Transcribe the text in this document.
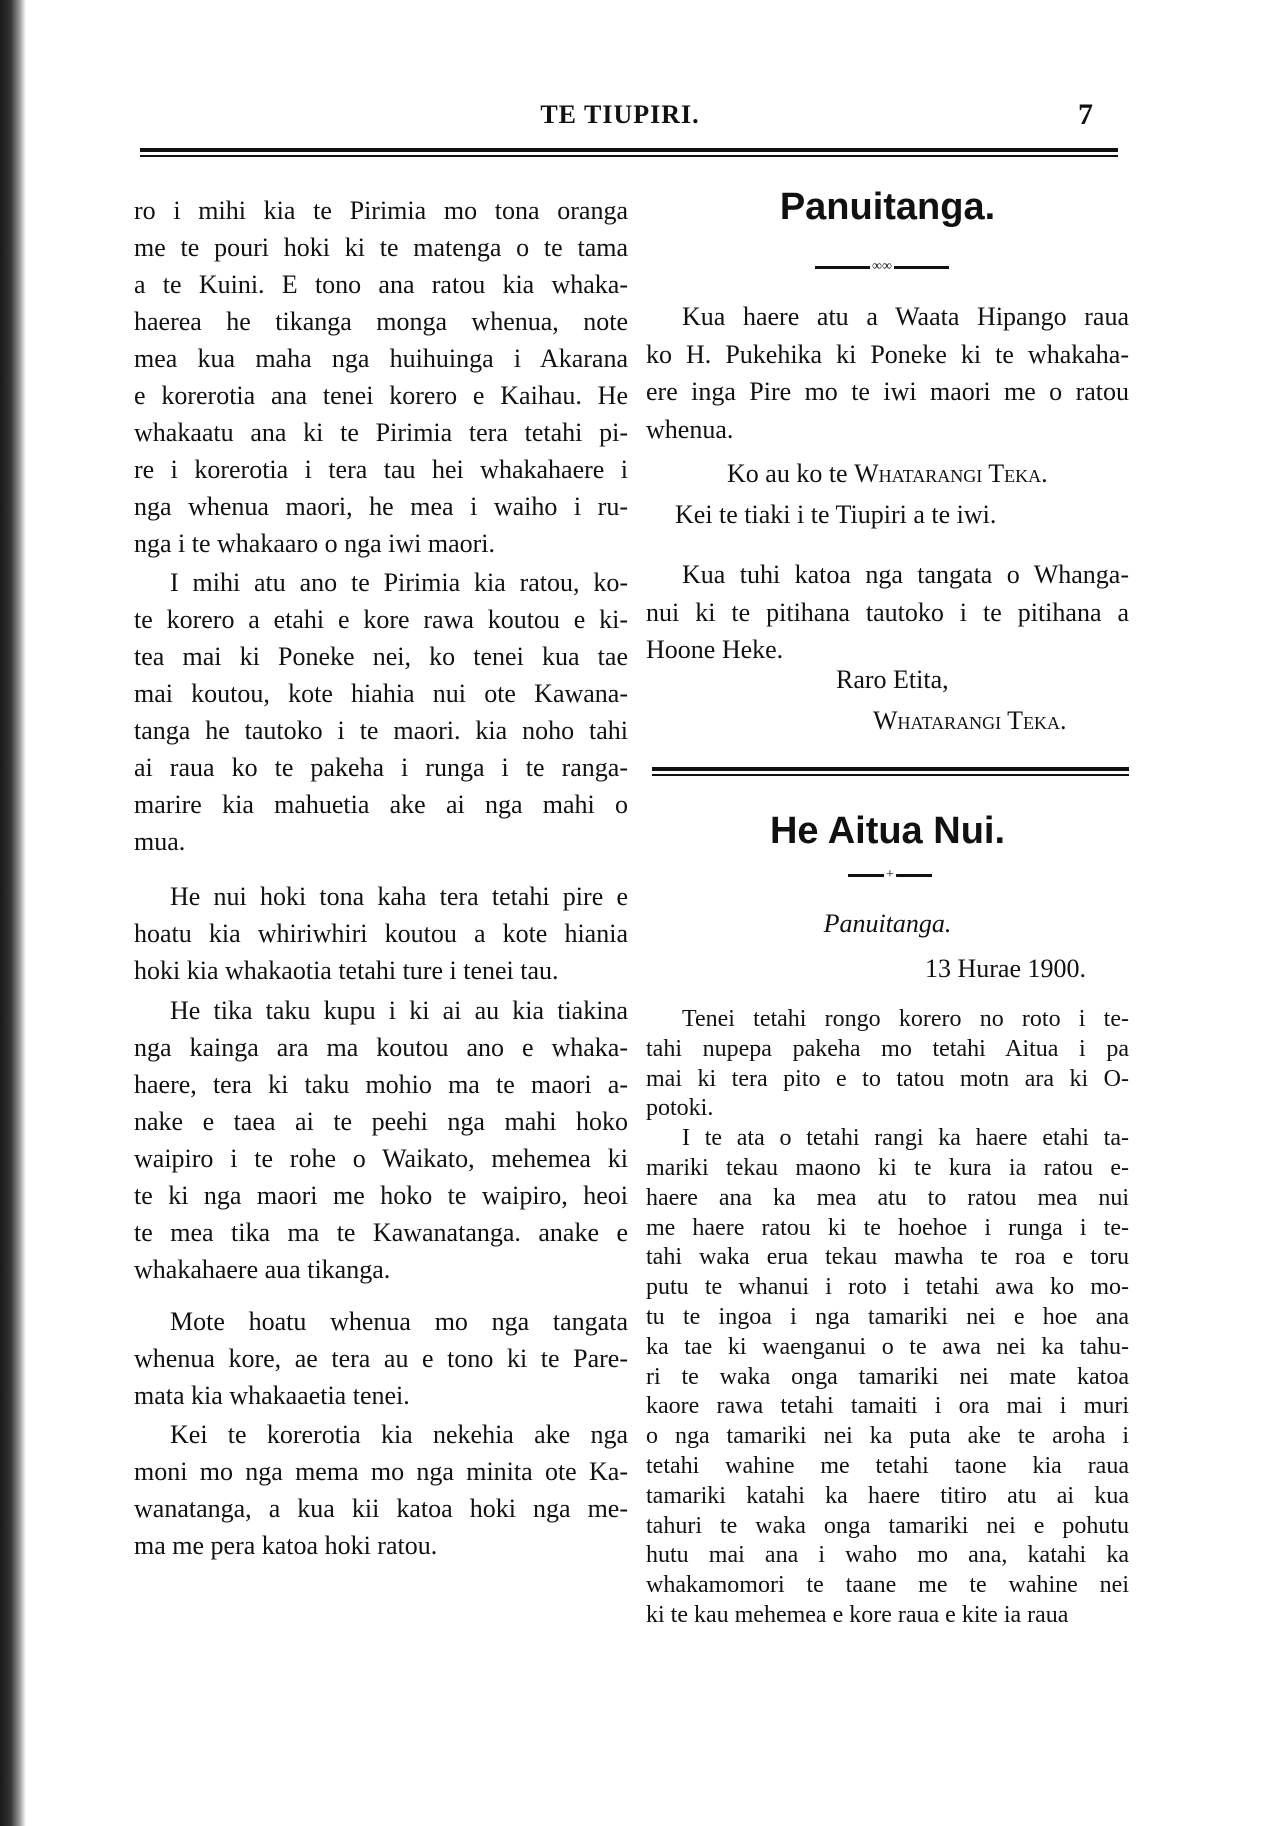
TE TIUPIRI.	7
ro i mihi kia te Pirimia mo tona oranga
me te pouri hoki ki te matenga o te tama
a te Kuini. E tono ana ratou kia whaka-
haerea he tikanga monga whenua, note
mea kua maha nga huihuinga i Akarana
e korerotia ana tenei korero e Kaihau. He
whakaatu ana ki te Pirimia tera tetahi pi-
re i korerotia i tera tau hei whakahaere i
nga whenua maori, he mea i waiho i ru-
nga i te whakaaro o nga iwi maori.
I mihi atu ano te Pirimia kia ratou, ko-
te korero a etahi e kore rawa koutou e ki-
tea mai ki Poneke nei, ko tenei kua tae
mai koutou, kote hiahia nui ote Kawana-
tanga he tautoko i te maori. kia noho tahi
ai raua ko te pakeha i runga i te ranga-
marire kia mahuetia ake ai nga mahi o
mua.
He nui hoki tona kaha tera tetahi pire e
hoatu kia whiriwhiri koutou a kote hiania
hoki kia whakaotia tetahi ture i tenei tau.
He tika taku kupu i ki ai au kia tiakina
nga kainga ara ma koutou ano e whaka-
haere, tera ki taku mohio ma te maori a-
nake e taea ai te peehi nga mahi hoko
waipiro i te rohe o Waikato, mehemea ki
te ki nga maori me hoko te waipiro, heoi
te mea tika ma te Kawanatanga. anake e
whakahaere aua tikanga.
Mote hoatu whenua mo nga tangata
whenua kore, ae tera au e tono ki te Pare-
mata kia whakaaetia tenei.
Kei te korerotia kia nekehia ake nga
moni mo nga mema mo nga minita ote Ka-
wanatanga, a kua kii katoa hoki nga me-
ma me pera katoa hoki ratou.
Panuitanga.
∞∞
Kua haere atu a Waata Hipango raua
ko H. Pukehika ki Poneke ki te whakaha-
ere inga Pire mo te iwi maori me o ratou
whenua.
Ko au ko te Whatarangi Teka.
Kei te tiaki i te Tiupiri a te iwi.
Kua tuhi katoa nga tangata o Whanga-
nui ki te pitihana tautoko i te pitihana a
Hoone Heke.
Raro Etita,
Whatarangi Teka.
He Aitua Nui.
+
Panuitanga.
13 Hurae 1900.
Tenei tetahi rongo korero no roto i te-
tahi nupepa pakeha mo tetahi Aitua i pa
mai ki tera pito e to tatou motn ara ki O-
potoki.
I te ata o tetahi rangi ka haere etahi ta-
mariki tekau maono ki te kura ia ratou e-
haere ana ka mea atu to ratou mea nui
me haere ratou ki te hoehoe i runga i te-
tahi waka erua tekau mawha te roa e toru
putu te whanui i roto i tetahi awa ko mo-
tu te ingoa i nga tamariki nei e hoe ana
ka tae ki waenganui o te awa nei ka tahu-
ri te waka onga tamariki nei mate katoa
kaore rawa tetahi tamaiti i ora mai i muri
o nga tamariki nei ka puta ake te aroha i
tetahi wahine me tetahi taone kia raua
tamariki katahi ka haere titiro atu ai kua
tahuri te waka onga tamariki nei e pohutu
hutu mai ana i waho mo ana, katahi ka
whakamomori te taane me te wahine nei
ki te kau mehemea e kore raua e kite ia raua
